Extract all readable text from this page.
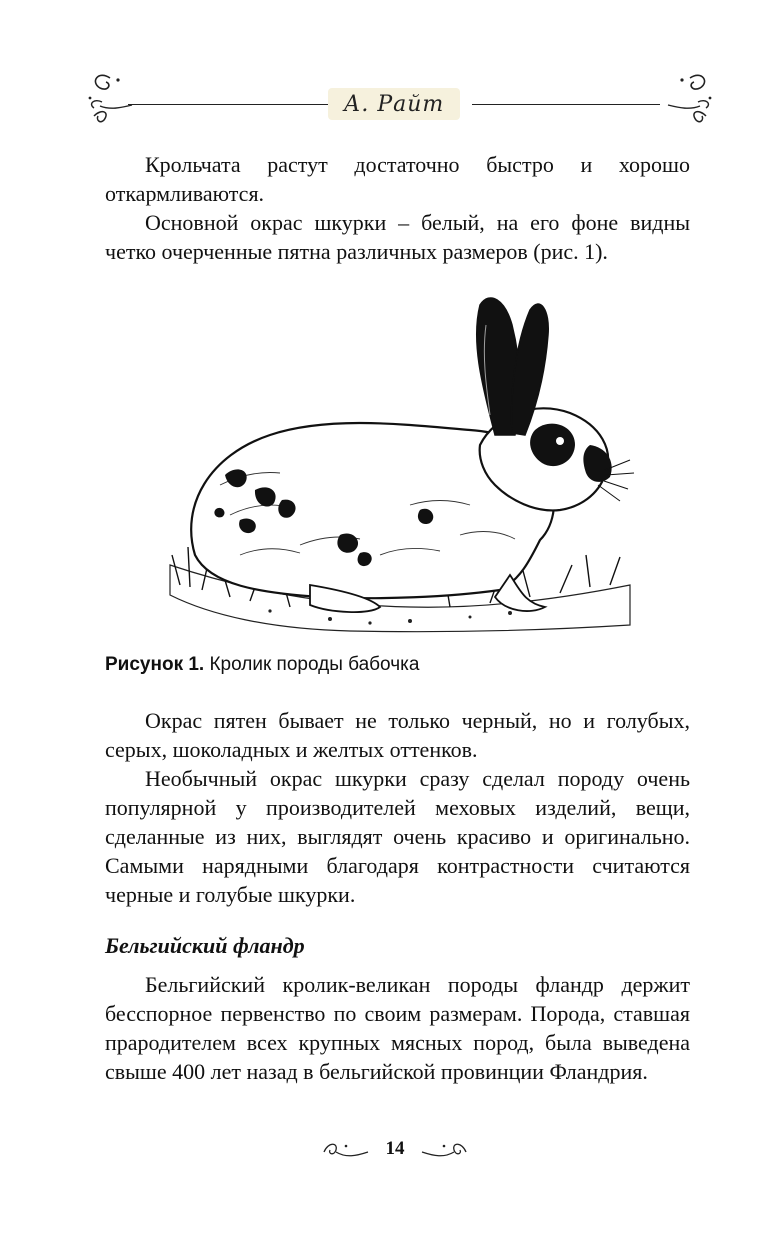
А. Райт

Крольчата растут достаточно быстро и хорошо откармливаются.

Основной окрас шкурки – белый, на его фоне видны четко очерченные пятна различных размеров (рис. 1).

Рисунок 1. Кролик породы бабочка

Окрас пятен бывает не только черный, но и голубых, серых, шоколадных и желтых оттенков.

Необычный окрас шкурки сразу сделал породу очень популярной у производителей меховых изделий, вещи, сделанные из них, выглядят очень красиво и оригинально. Самыми нарядными благодаря контрастности считаются черные и голубые шкурки.

Бельгийский фландр

Бельгийский кролик-великан породы фландр держит бесспорное первенство по своим размерам. Порода, ставшая прародителем всех крупных мясных пород, была выведена свыше 400 лет назад в бельгийской провинции Фландрия.

14
